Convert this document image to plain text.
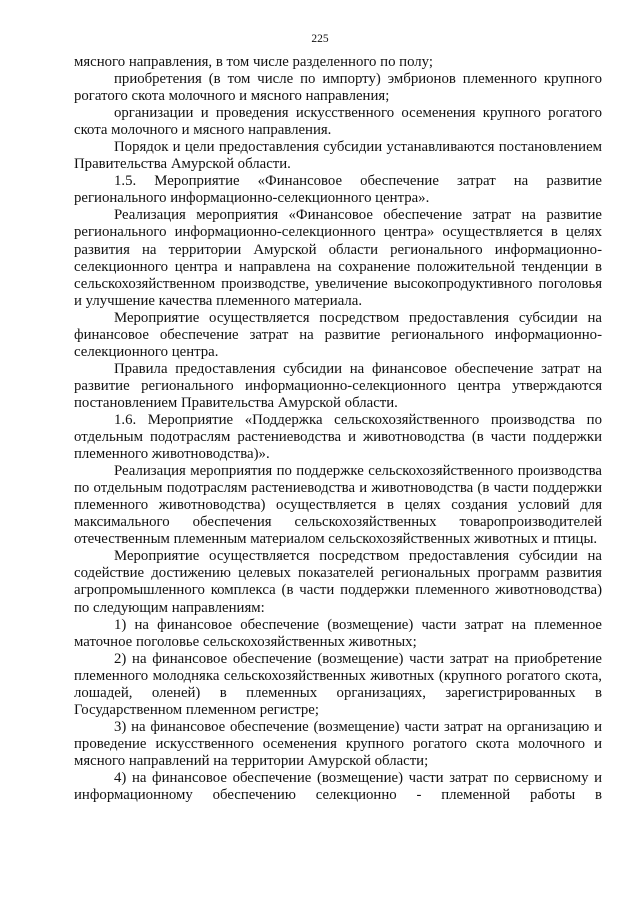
225

мясного направления, в том числе разделенного по полу;

приобретения (в том числе по импорту) эмбрионов племенного крупного рогатого скота молочного и мясного направления;

организации и проведения искусственного осеменения крупного рогатого скота молочного и мясного направления.

Порядок и цели предоставления субсидии устанавливаются постановлением Правительства Амурской области.

1.5. Мероприятие «Финансовое обеспечение затрат на развитие регионального информационно-селекционного центра».

Реализация мероприятия «Финансовое обеспечение затрат на развитие регионального информационно-селекционного центра» осуществляется в целях развития на территории Амурской области регионального информационно-селекционного центра и направлена на сохранение положительной тенденции в сельскохозяйственном производстве, увеличение высокопродуктивного поголовья и улучшение качества племенного материала.

Мероприятие осуществляется посредством предоставления субсидии на финансовое обеспечение затрат на развитие регионального информационно-селекционного центра.

Правила предоставления субсидии на финансовое обеспечение затрат на развитие регионального информационно-селекционного центра утверждаются постановлением Правительства Амурской области.

1.6. Мероприятие «Поддержка сельскохозяйственного производства по отдельным подотраслям растениеводства и животноводства (в части поддержки племенного животноводства)».

Реализация мероприятия по поддержке сельскохозяйственного производства по отдельным подотраслям растениеводства и животноводства (в части поддержки племенного животноводства) осуществляется в целях создания условий для максимального обеспечения сельскохозяйственных товаропроизводителей отечественным племенным материалом сельскохозяйственных животных и птицы.

Мероприятие осуществляется посредством предоставления субсидии на содействие достижению целевых показателей региональных программ развития агропромышленного комплекса (в части поддержки племенного животноводства) по следующим направлениям:

1) на финансовое обеспечение (возмещение) части затрат на племенное маточное поголовье сельскохозяйственных животных;

2) на финансовое обеспечение (возмещение) части затрат на приобретение племенного молодняка сельскохозяйственных животных (крупного рогатого скота, лошадей, оленей) в племенных организациях, зарегистрированных в Государственном племенном регистре;

3) на финансовое обеспечение (возмещение) части затрат на организацию и проведение искусственного осеменения крупного рогатого скота молочного и мясного направлений на территории Амурской области;

4) на финансовое обеспечение (возмещение) части затрат по сервисному и информационному обеспечению селекционно - племенной работы в
